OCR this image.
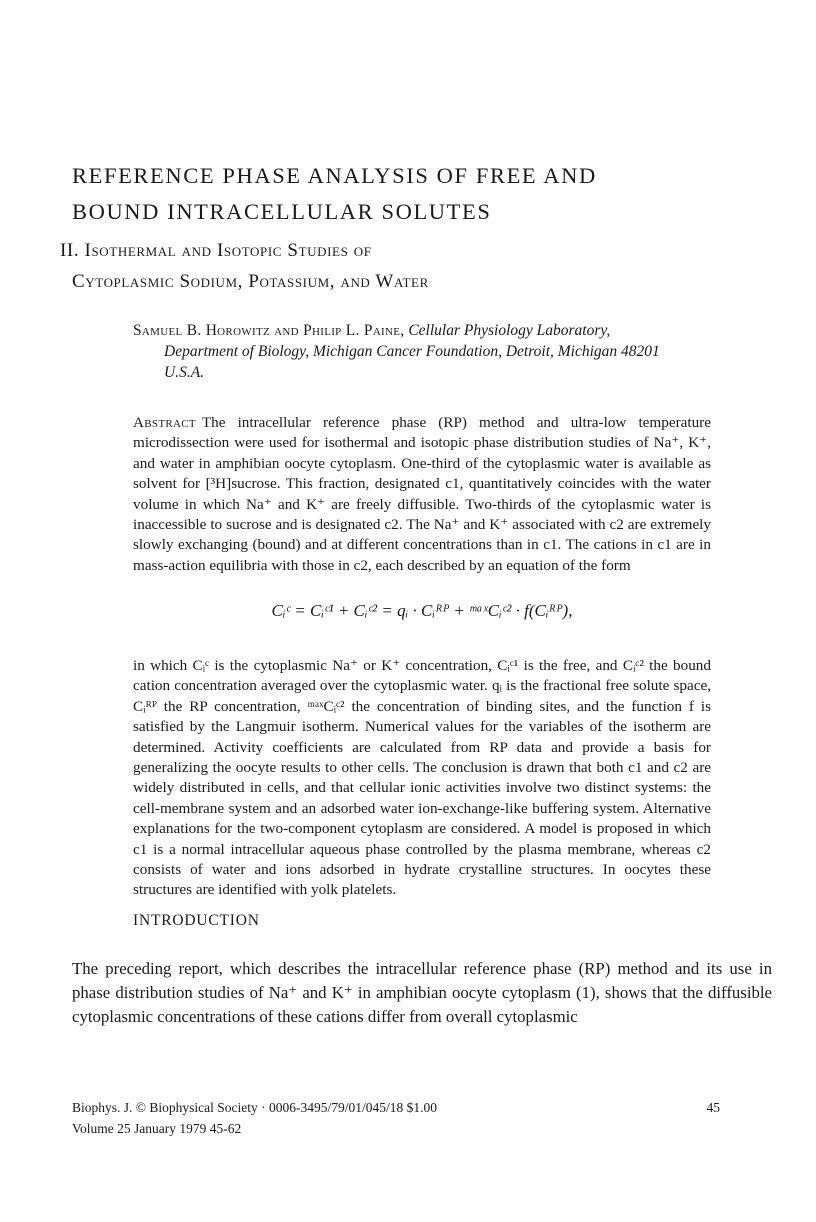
REFERENCE PHASE ANALYSIS OF FREE AND
BOUND INTRACELLULAR SOLUTES
II. Isothermal and Isotopic Studies of
Cytoplasmic Sodium, Potassium, and Water
Samuel B. Horowitz and Philip L. Paine, Cellular Physiology Laboratory,
Department of Biology, Michigan Cancer Foundation, Detroit, Michigan 48201
U.S.A.
Abstract The intracellular reference phase (RP) method and ultra-low temperature microdissection were used for isothermal and isotopic phase distribution studies of Na⁺, K⁺, and water in amphibian oocyte cytoplasm. One-third of the cytoplasmic water is available as solvent for [³H]sucrose. This fraction, designated c1, quantitatively coincides with the water volume in which Na⁺ and K⁺ are freely diffusible. Two-thirds of the cytoplasmic water is inaccessible to sucrose and is designated c2. The Na⁺ and K⁺ associated with c2 are extremely slowly exchanging (bound) and at different concentrations than in c1. The cations in c1 are in mass-action equilibria with those in c2, each described by an equation of the form
Cᵢᶜ = Cᵢᶜ¹ + Cᵢᶜ² = qᵢ · Cᵢᴿᴾ + ᵐᵃˣCᵢᶜ² · f(Cᵢᴿᴾ),
in which Cᵢᶜ is the cytoplasmic Na⁺ or K⁺ concentration, Cᵢᶜ¹ is the free, and Cᵢᶜ² the bound cation concentration averaged over the cytoplasmic water. qᵢ is the fractional free solute space, Cᵢᴿᴾ the RP concentration, ᵐᵃˣCᵢᶜ² the concentration of binding sites, and the function f is satisfied by the Langmuir isotherm. Numerical values for the variables of the isotherm are determined. Activity coefficients are calculated from RP data and provide a basis for generalizing the oocyte results to other cells. The conclusion is drawn that both c1 and c2 are widely distributed in cells, and that cellular ionic activities involve two distinct systems: the cell-membrane system and an adsorbed water ion-exchange-like buffering system. Alternative explanations for the two-component cytoplasm are considered. A model is proposed in which c1 is a normal intracellular aqueous phase controlled by the plasma membrane, whereas c2 consists of water and ions adsorbed in hydrate crystalline structures. In oocytes these structures are identified with yolk platelets.
INTRODUCTION
The preceding report, which describes the intracellular reference phase (RP) method and its use in phase distribution studies of Na⁺ and K⁺ in amphibian oocyte cytoplasm (1), shows that the diffusible cytoplasmic concentrations of these cations differ from overall cytoplasmic
Biophys. J. © Biophysical Society · 0006-3495/79/01/045/18 $1.00	45
Volume 25 January 1979 45-62
